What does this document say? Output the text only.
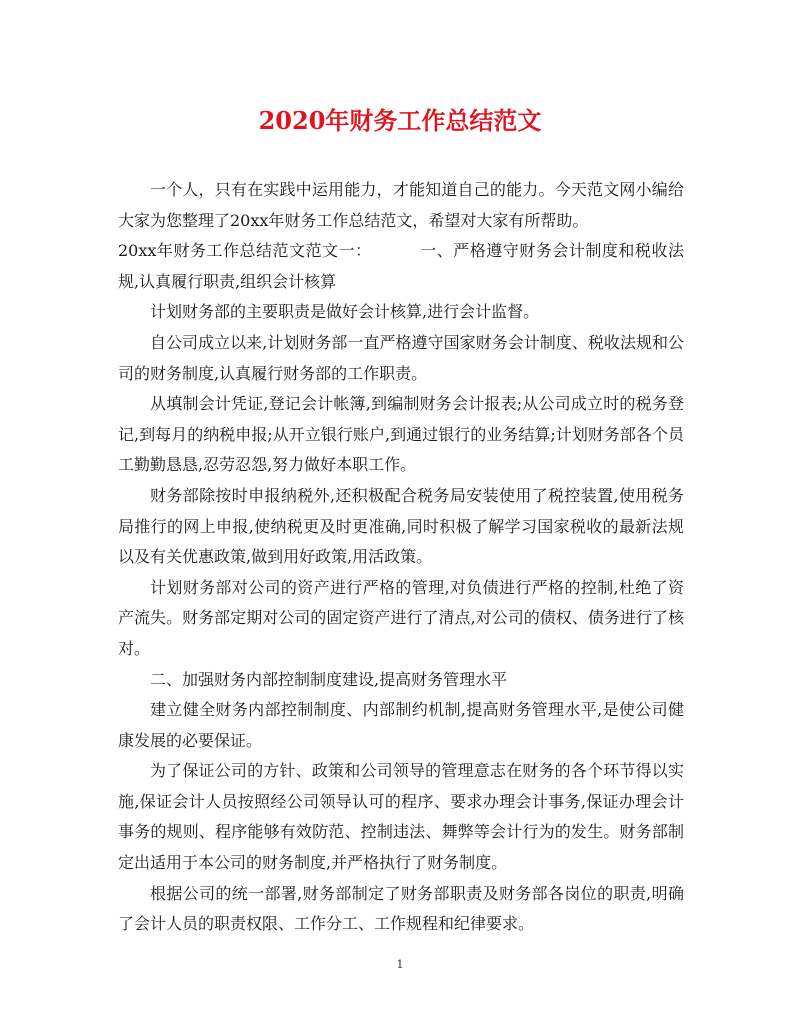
2020年财务工作总结范文

一个人，只有在实践中运用能力，才能知道自己的能力。今天范文网小编给大家为您整理了20xx年财务工作总结范文，希望对大家有所帮助。

20xx年财务工作总结范文范文一：	一、严格遵守财务会计制度和税收法规,认真履行职责,组织会计核算

计划财务部的主要职责是做好会计核算,进行会计监督。

自公司成立以来,计划财务部一直严格遵守国家财务会计制度、税收法规和公司的财务制度,认真履行财务部的工作职责。

从填制会计凭证,登记会计帐簿,到编制财务会计报表;从公司成立时的税务登记,到每月的纳税申报;从开立银行账户,到通过银行的业务结算;计划财务部各个员工勤勤恳恳,忍劳忍怨,努力做好本职工作。

财务部除按时申报纳税外,还积极配合税务局安装使用了税控装置,使用税务局推行的网上申报,使纳税更及时更准确,同时积极了解学习国家税收的最新法规以及有关优惠政策,做到用好政策,用活政策。

计划财务部对公司的资产进行严格的管理,对负债进行严格的控制,杜绝了资产流失。财务部定期对公司的固定资产进行了清点,对公司的债权、债务进行了核对。

二、加强财务内部控制制度建设,提高财务管理水平

建立健全财务内部控制制度、内部制约机制,提高财务管理水平,是使公司健康发展的必要保证。

为了保证公司的方针、政策和公司领导的管理意志在财务的各个环节得以实施,保证会计人员按照经公司领导认可的程序、要求办理会计事务,保证办理会计事务的规则、程序能够有效防范、控制违法、舞弊等会计行为的发生。财务部制定出适用于本公司的财务制度,并严格执行了财务制度。

根据公司的统一部署,财务部制定了财务部职责及财务部各岗位的职责,明确了会计人员的职责权限、工作分工、工作规程和纪律要求。

1
